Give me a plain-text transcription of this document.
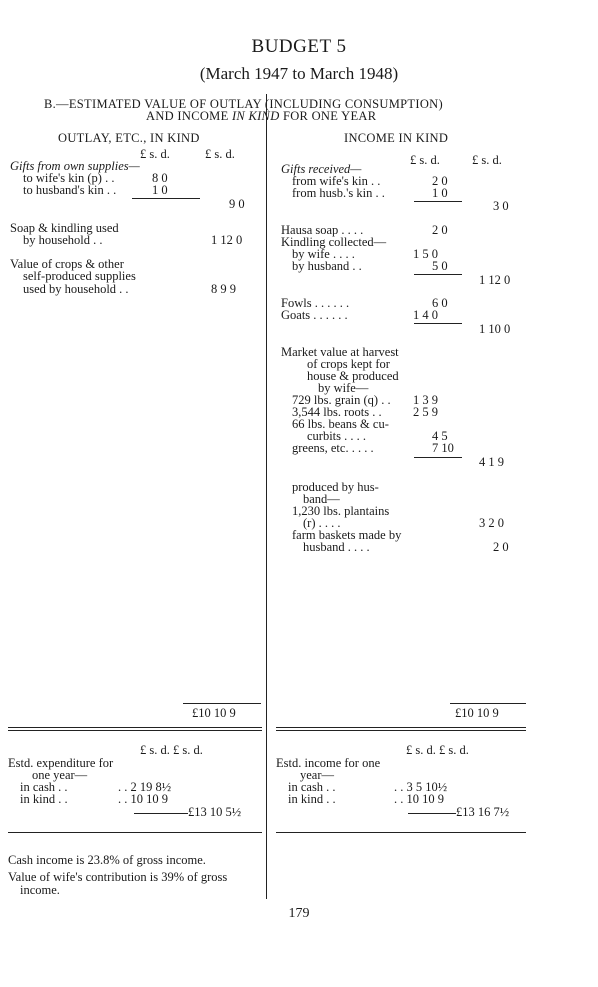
BUDGET 5
(March 1947 to March 1948)
B.—ESTIMATED VALUE OF OUTLAY (INCLUDING CONSUMPTION)
AND INCOME IN KIND FOR ONE YEAR
OUTLAY, ETC., IN KIND	INCOME IN KIND
£ s. d.	£ s. d.
Gifts from own supplies—
to wife's kin (p) . .	8 0
to husband's kin . .	1 0
9 0
Soap & kindling used
by household . .	1 12 0
Value of crops & other
self-produced supplies
used by household . .	8 9 9
£10 10 9
£ s. d. £ s. d.
Estd. expenditure for
one year—
in cash . .	. . 2 19 8½
in kind . .	. . 10 10 9
£13 10 5½
Cash income is 23.8% of gross income.
Value of wife's contribution is 39% of gross
income.
£ s. d.	£ s. d.
Gifts received—
from wife's kin . .	2 0
from husb.'s kin . .	1 0
3 0
Hausa soap . . . .	2 0
Kindling collected—
by wife . . . .	1 5 0
by husband . .	5 0
1 12 0
Fowls . . . . . .	6 0
Goats . . . . . .	1 4 0
1 10 0
Market value at harvest
of crops kept for
house & produced
by wife—
729 lbs. grain (q) . . 1 3 9
3,544 lbs. roots . .	2 5 9
66 lbs. beans & cu-
curbits . . . .	4 5
greens, etc. . . . .	7 10
4 1 9
produced by hus-
band—
1,230 lbs. plantains
(r) . . . .	3 2 0
farm baskets made by
husband . . . .	2 0
£10 10 9
£ s. d. £ s. d.
Estd. income for one
year—
in cash . .	. . 3 5 10½
in kind . .	. . 10 10 9
£13 16 7½
179
